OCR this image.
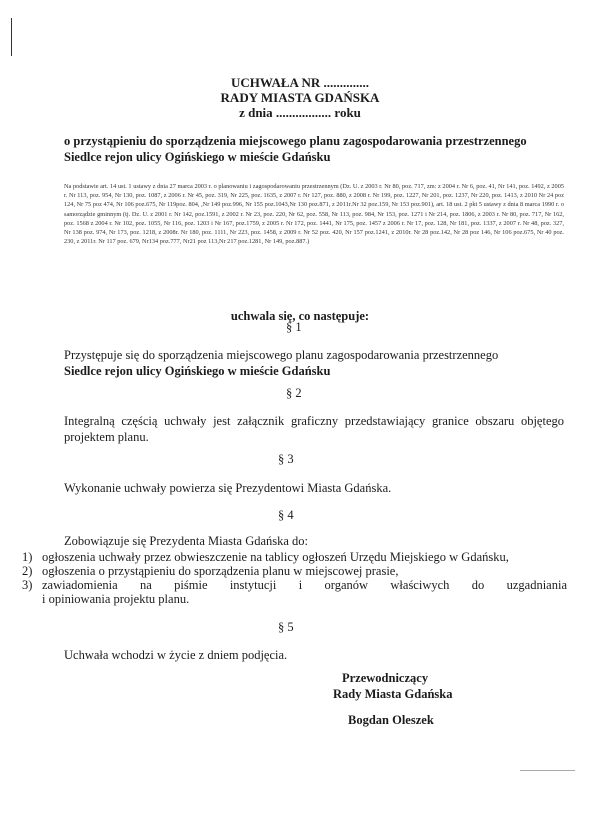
UCHWAŁA NR ..............
RADY MIASTA GDAŃSKA
z dnia ................. roku
o przystąpieniu do sporządzenia miejscowego planu zagospodarowania przestrzennego
Siedlce rejon ulicy Ogińskiego w mieście Gdańsku
Na podstawie art. 14 ust. 1 ustawy z dnia 27 marca 2003 r. o planowaniu i zagospodarowaniu przestrzennym (Dz. U. z 2003 r. Nr 80, poz. 717, zm: z 2004 r. Nr 6, poz. 41, Nr 141, poz. 1492, z 2005 r. Nr 113, poz. 954, Nr 130, poz. 1087, z 2006 r. Nr 45, poz. 319, Nr 225, poz. 1635, z 2007 r. Nr 127, poz. 880, z 2008 r. Nr 199, poz. 1227, Nr 201, poz. 1237, Nr 220, poz. 1413, z 2010 Nr 24 poz 124, Nr 75 poz 474, Nr 106 poz.675, Nr 119poz. 804, ,Nr 149 poz.996, Nr 155 poz.1043,Nr 130 poz.871, z 2011r.Nr 32 poz.159, Nr 153 poz.901), art. 18 ust. 2 pkt 5 ustawy z dnia 8 marca 1990 r. o samorządzie gminnym (tj. Dz. U. z 2001 r. Nr 142, poz.1591, z 2002 r. Nr 23, poz. 220, Nr 62, poz. 558, Nr 113, poz. 984, Nr 153, poz. 1271 i Nr 214, poz. 1806, z 2003 r. Nr 80, poz. 717, Nr 162, poz. 1568 z 2004 r. Nr 102, poz. 1055, Nr 116, poz. 1203 i Nr 167, poz.1759, z 2005 r. Nr 172, poz. 1441, Nr 175, poz. 1457 z 2006 r. Nr 17, poz. 128, Nr 181, poz. 1337, z 2007 r. Nr 48, poz. 327, Nr 138 poz. 974, Nr 173, poz. 1218, z 2008r. Nr 180, poz. 1111, Nr 223, poz. 1458, z 2009 r. Nr 52 poz. 420, Nr 157 poz.1241, z 2010r. Nr 28 poz.142, Nr 28 poz 146, Nr 106 poz.675, Nr 40 poz. 230, z 2011r. Nr 117 poz. 679, Nr134 poz.777, Nr21 poz 113,Nr 217 poz.1281, Nr 149, poz.887.)
uchwala się, co następuje:
§ 1
Przystępuje się do sporządzenia miejscowego planu zagospodarowania przestrzennego
Siedlce rejon ulicy Ogińskiego w mieście Gdańsku
§ 2
Integralną częścią uchwały jest załącznik graficzny przedstawiający granice obszaru objętego projektem planu.
§ 3
Wykonanie uchwały powierza się Prezydentowi Miasta Gdańska.
§ 4
Zobowiązuje się Prezydenta Miasta Gdańska do:
1) ogłoszenia uchwały przez obwieszczenie na tablicy ogłoszeń Urzędu Miejskiego w Gdańsku,
2) ogłoszenia o przystąpieniu do sporządzenia planu w miejscowej prasie,
3) zawiadomienia na piśmie instytucji i organów właściwych do uzgadniania
i opiniowania projektu planu.
§ 5
Uchwała wchodzi w życie z dniem podjęcia.
Przewodniczący
Rady Miasta Gdańska
Bogdan Oleszek
